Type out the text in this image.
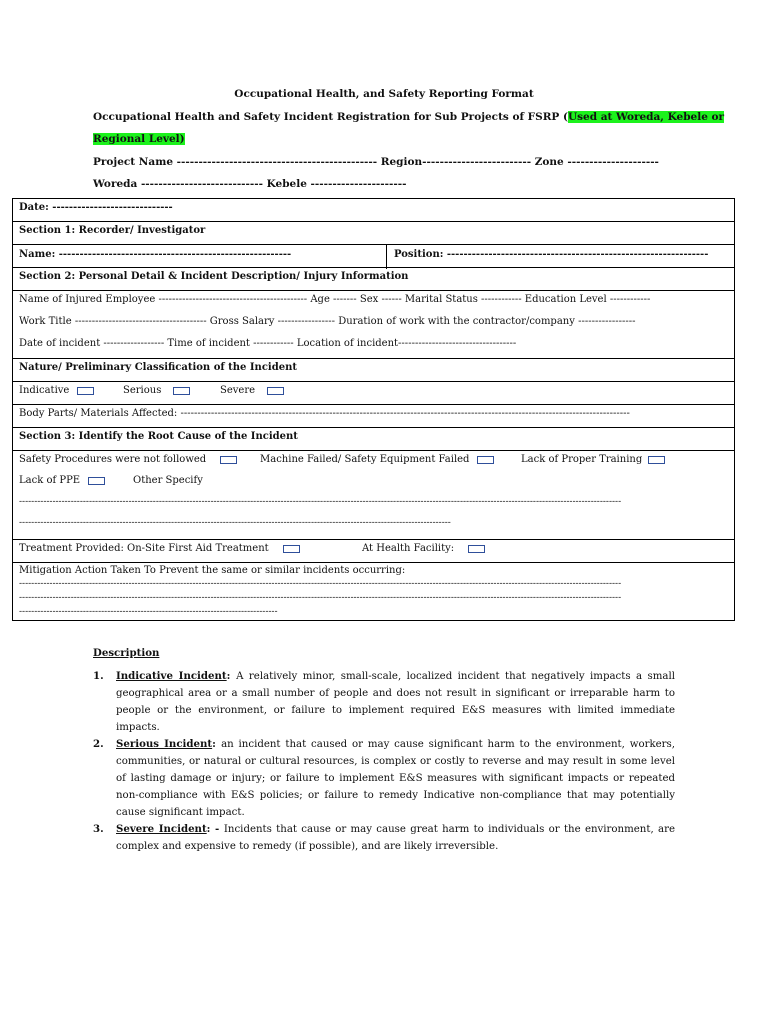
Occupational Health, and Safety Reporting Format
Occupational Health and Safety Incident Registration for Sub Projects of FSRP (Used at Woreda, Kebele or
Regional Level)
Project Name ---------------------------------------------- Region------------------------- Zone ---------------------
Woreda ---------------------------- Kebele ----------------------
Date: -----------------------------
Section 1: Recorder/ Investigator
Name: --------------------------------------------------------	Position: ---------------------------------------------------------------
Section 2: Personal Detail & Incident Description/ Injury Information
Name of Injured Employee -------------------------------------------- Age ------- Sex ------ Marital Status ------------ Education Level ------------
Work Title --------------------------------------- Gross Salary ----------------- Duration of work with the contractor/company -----------------
Date of incident ------------------ Time of incident ------------ Location of incident-----------------------------------
Nature/ Preliminary Classification of the Incident
Indicative	Serious	Severe
Body Parts/ Materials Affected: -------------------------------------------------------------------------------------------------------------------------------------
Section 3: Identify the Root Cause of the Incident
Safety Procedures were not followed	Machine Failed/ Safety Equipment Failed	Lack of Proper Training
Lack of PPE	Other Specify
------------------------------------------------------------------------------------------------------------------------------------------------------------------------------------------------------
----------------------------------------------------------------------------------------------------------------------------------------------
Treatment Provided: On-Site First Aid Treatment	At Health Facility:
Mitigation Action Taken To Prevent the same or similar incidents occurring:
------------------------------------------------------------------------------------------------------------------------------------------------------------------------------------------------------
------------------------------------------------------------------------------------------------------------------------------------------------------------------------------------------------------
-------------------------------------------------------------------------------------
Description
1. Indicative Incident: A relatively minor, small-scale, localized incident that negatively impacts a small geographical area or a small number of people and does not result in significant or irreparable harm to people or the environment, or failure to implement required E&S measures with limited immediate impacts.
2. Serious Incident: an incident that caused or may cause significant harm to the environment, workers, communities, or natural or cultural resources, is complex or costly to reverse and may result in some level of lasting damage or injury; or failure to implement E&S measures with significant impacts or repeated non-compliance with E&S policies; or failure to remedy Indicative non-compliance that may potentially cause significant impact.
3. Severe Incident: - Incidents that cause or may cause great harm to individuals or the environment, are complex and expensive to remedy (if possible), and are likely irreversible.
